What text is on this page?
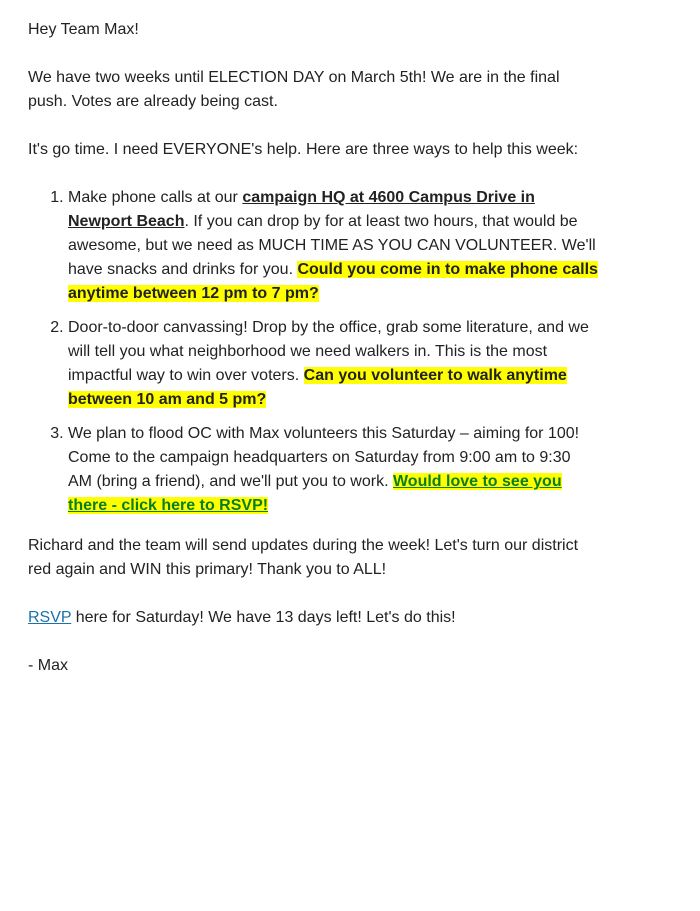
Hey Team Max!

We have two weeks until ELECTION DAY on March 5th! We are in the final push. Votes are already being cast.

It's go time. I need EVERYONE's help. Here are three ways to help this week:

1. Make phone calls at our campaign HQ at 4600 Campus Drive in Newport Beach. If you can drop by for at least two hours, that would be awesome, but we need as MUCH TIME AS YOU CAN VOLUNTEER. We'll have snacks and drinks for you. Could you come in to make phone calls anytime between 12 pm to 7 pm?
2. Door-to-door canvassing! Drop by the office, grab some literature, and we will tell you what neighborhood we need walkers in. This is the most impactful way to win over voters. Can you volunteer to walk anytime between 10 am and 5 pm?
3. We plan to flood OC with Max volunteers this Saturday – aiming for 100! Come to the campaign headquarters on Saturday from 9:00 am to 9:30 AM (bring a friend), and we'll put you to work. Would love to see you there - click here to RSVP!

Richard and the team will send updates during the week! Let's turn our district red again and WIN this primary! Thank you to ALL!

RSVP here for Saturday! We have 13 days left! Let's do this!

- Max
